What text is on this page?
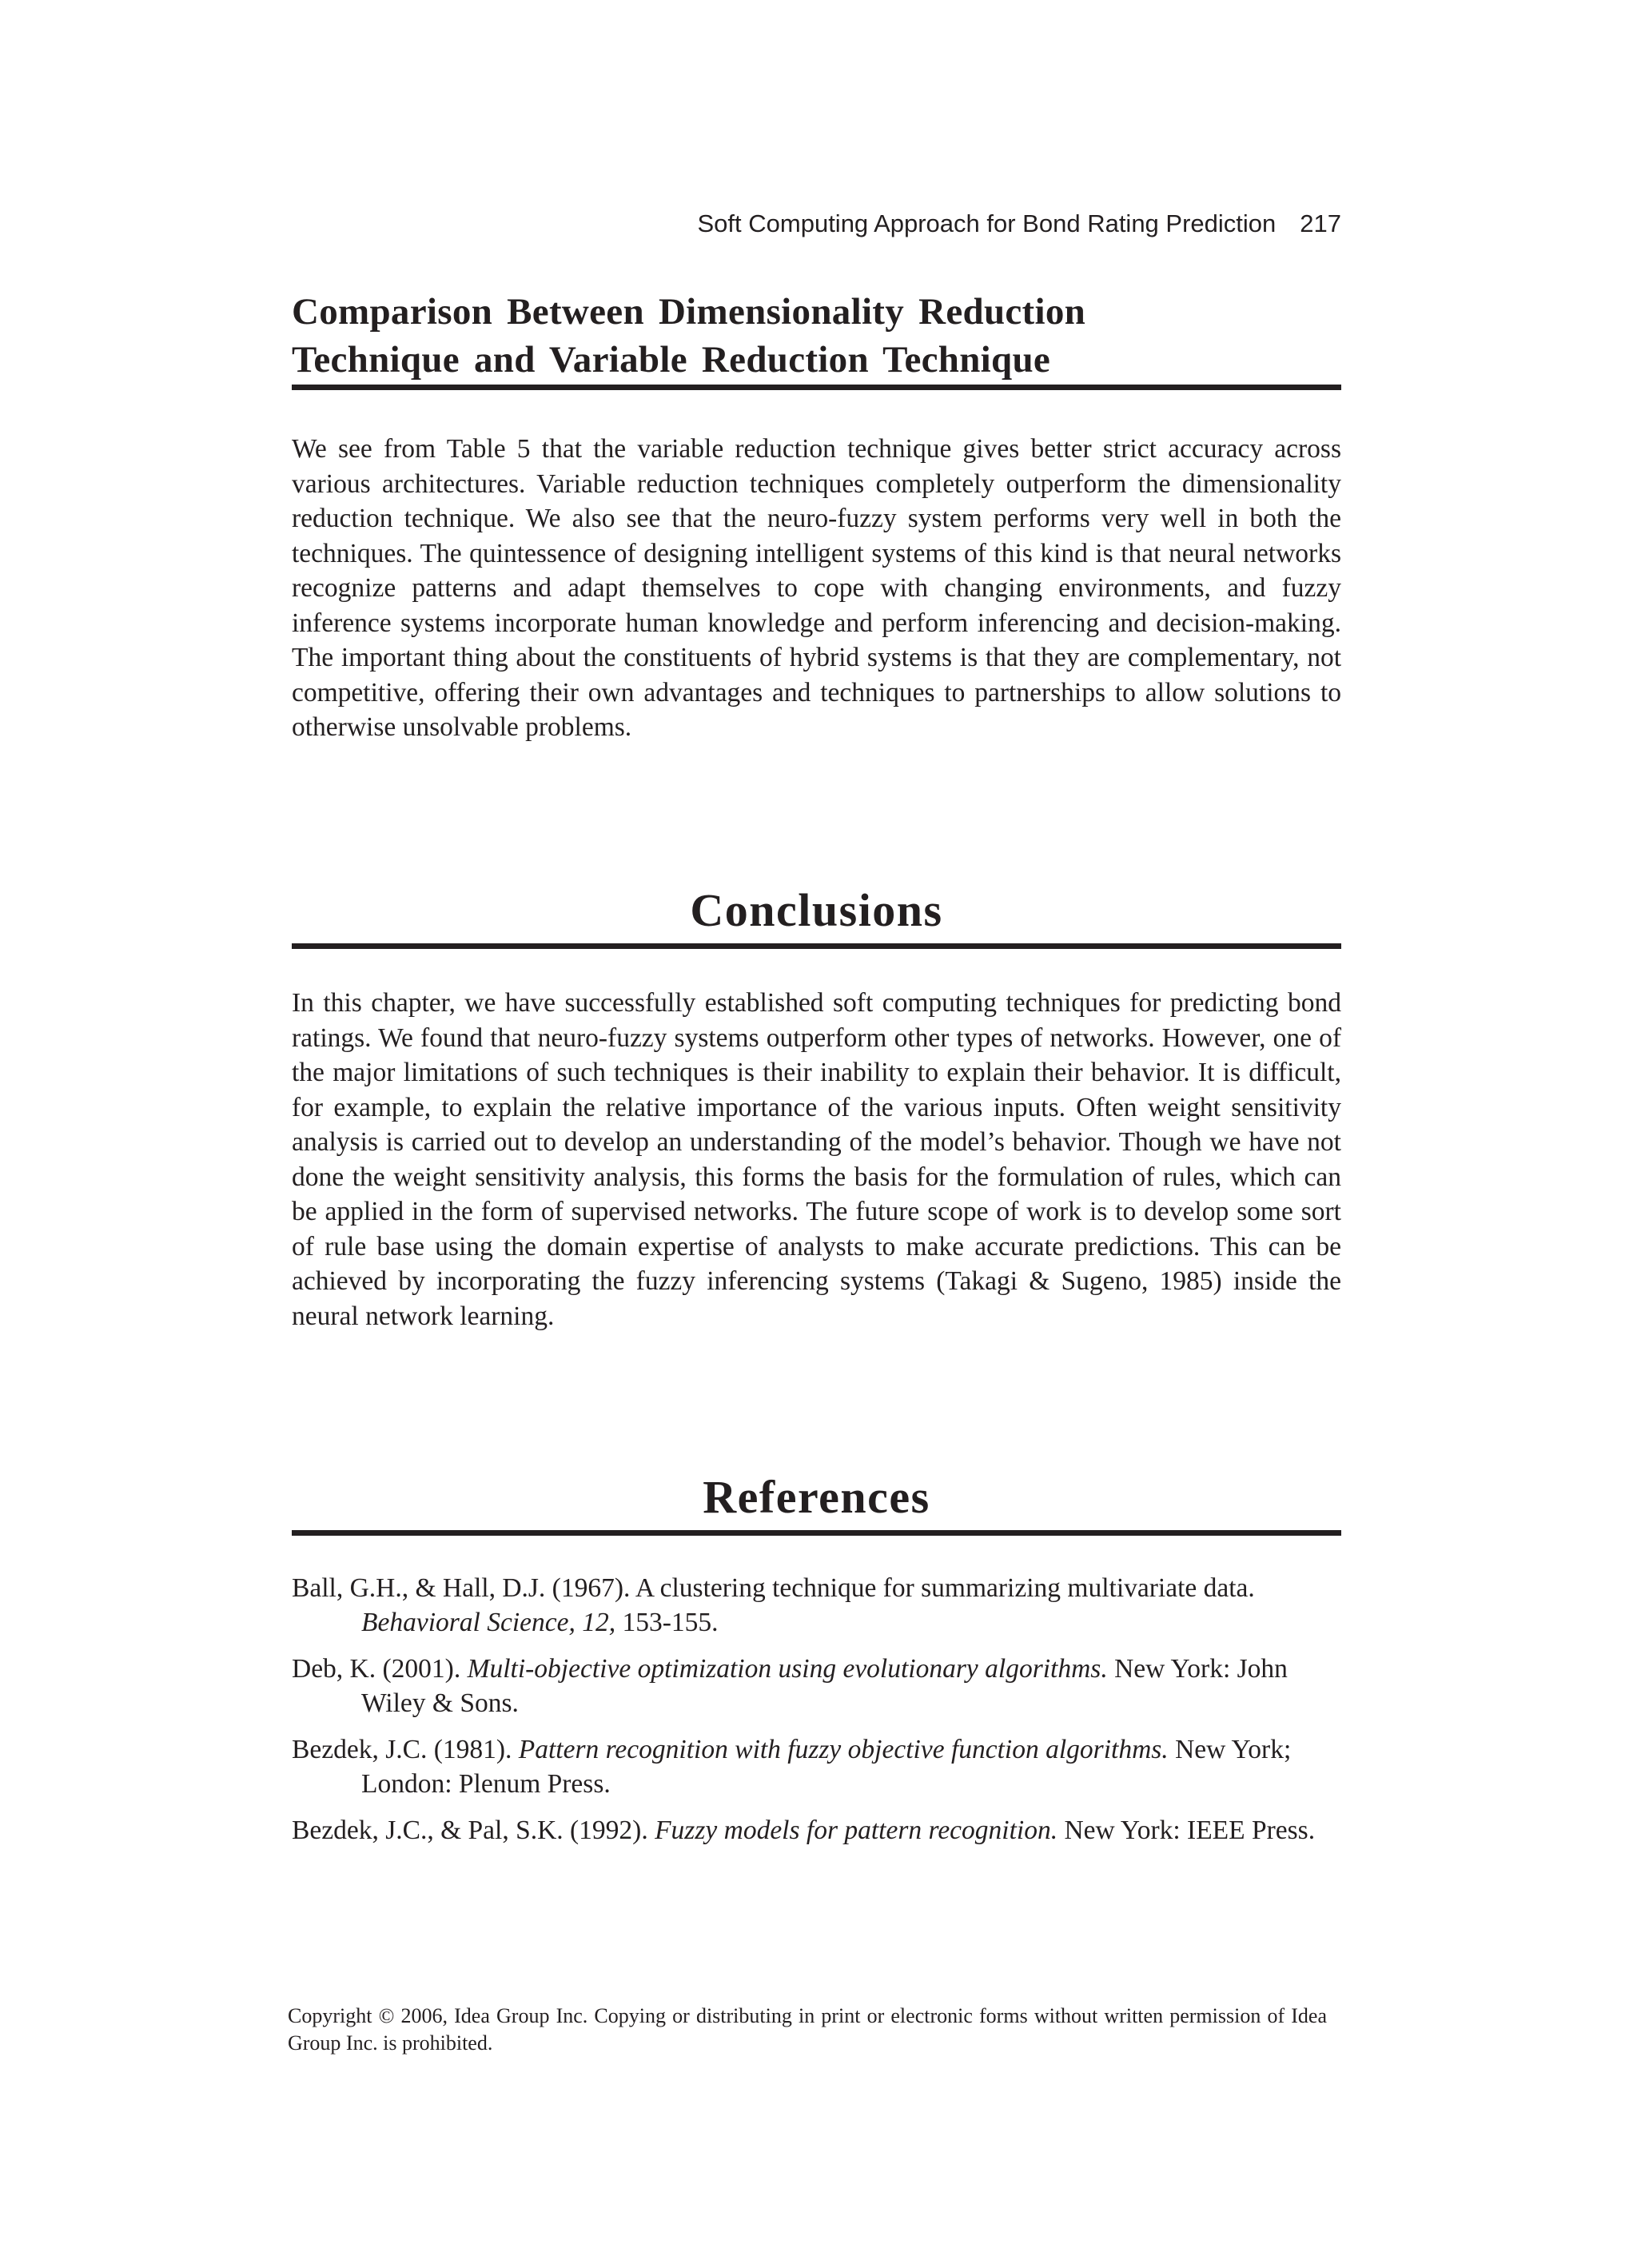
Soft Computing Approach for Bond Rating Prediction 217
Comparison Between Dimensionality Reduction
Technique and Variable Reduction Technique

We see from Table 5 that the variable reduction technique gives better strict accuracy across various architectures. Variable reduction techniques completely outperform the dimensionality reduction technique. We also see that the neuro-fuzzy system performs very well in both the techniques. The quintessence of designing intelligent systems of this kind is that neural networks recognize patterns and adapt themselves to cope with changing environments, and fuzzy inference systems incorporate human knowledge and perform inferencing and decision-making. The important thing about the constituents of hybrid systems is that they are complementary, not competitive, offering their own advantages and techniques to partnerships to allow solutions to otherwise unsolvable problems.

Conclusions

In this chapter, we have successfully established soft computing techniques for predicting bond ratings. We found that neuro-fuzzy systems outperform other types of networks. However, one of the major limitations of such techniques is their inability to explain their behavior. It is difficult, for example, to explain the relative importance of the various inputs. Often weight sensitivity analysis is carried out to develop an understanding of the model’s behavior. Though we have not done the weight sensitivity analysis, this forms the basis for the formulation of rules, which can be applied in the form of supervised networks. The future scope of work is to develop some sort of rule base using the domain expertise of analysts to make accurate predictions. This can be achieved by incorporating the fuzzy inferencing systems (Takagi & Sugeno, 1985) inside the neural network learning.

References

Ball, G.H., & Hall, D.J. (1967). A clustering technique for summarizing multivariate data. Behavioral Science, 12, 153-155.

Deb, K. (2001). Multi-objective optimization using evolutionary algorithms. New York: John Wiley & Sons.

Bezdek, J.C. (1981). Pattern recognition with fuzzy objective function algorithms. New York; London: Plenum Press.

Bezdek, J.C., & Pal, S.K. (1992). Fuzzy models for pattern recognition. New York: IEEE Press.

Copyright © 2006, Idea Group Inc. Copying or distributing in print or electronic forms without written permission of Idea Group Inc. is prohibited.
